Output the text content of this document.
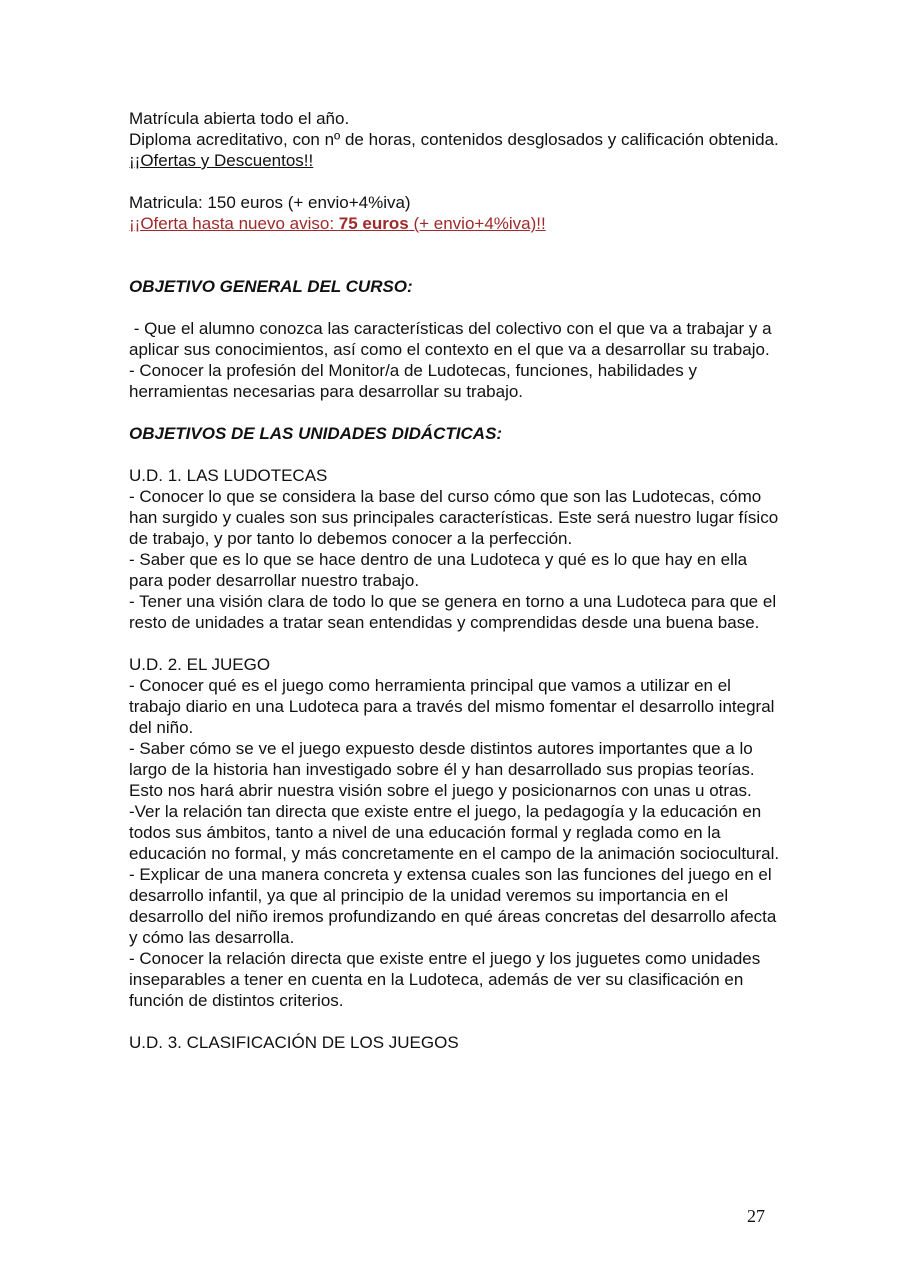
Matrícula abierta todo el año.

Diploma acreditativo, con nº de horas, contenidos desglosados y calificación obtenida.

¡¡Ofertas y Descuentos!!

Matricula: 150 euros (+ envio+4%iva)

¡¡Oferta hasta nuevo aviso: 75 euros (+ envio+4%iva)!!

OBJETIVO GENERAL DEL CURSO:

- Que el alumno conozca las características del colectivo con el que va a trabajar y a aplicar sus conocimientos, así como el contexto en el que va a desarrollar su trabajo.

- Conocer la profesión del Monitor/a de Ludotecas, funciones, habilidades y herramientas necesarias para desarrollar su trabajo.

OBJETIVOS DE LAS UNIDADES DIDÁCTICAS:

U.D. 1. LAS LUDOTECAS

- Conocer lo que se considera la base del curso cómo que son las Ludotecas, cómo han surgido y cuales son sus principales características. Este será nuestro lugar físico de trabajo, y por tanto lo debemos conocer a la perfección.

- Saber que es lo que se hace dentro de una Ludoteca y qué es lo que hay en ella para poder desarrollar nuestro trabajo.

- Tener una visión clara de todo lo que se genera en torno a una Ludoteca para que el resto de unidades a tratar sean entendidas y comprendidas desde una buena base.

U.D. 2. EL JUEGO

- Conocer qué es el juego como herramienta principal que vamos a utilizar en el trabajo diario en una Ludoteca para a través del mismo fomentar el desarrollo integral del niño.

- Saber cómo se ve el juego expuesto desde distintos autores importantes que a lo largo de la historia han investigado sobre él y han desarrollado sus propias teorías. Esto nos hará abrir nuestra visión sobre el juego y posicionarnos con unas u otras.

-Ver la relación tan directa que existe entre el juego, la pedagogía y la educación en todos sus ámbitos, tanto a nivel de una educación formal y reglada como en la educación no formal, y más concretamente en el campo de la animación sociocultural.

- Explicar de una manera concreta y extensa cuales son las funciones del juego en el desarrollo infantil, ya que al principio de la unidad veremos su importancia en el desarrollo del niño iremos profundizando en qué áreas concretas del desarrollo afecta y cómo las desarrolla.

- Conocer la relación directa que existe entre el juego y los juguetes como unidades inseparables a tener en cuenta en la Ludoteca, además de ver su clasificación en función de distintos criterios.

U.D. 3. CLASIFICACIÓN DE LOS JUEGOS

27
